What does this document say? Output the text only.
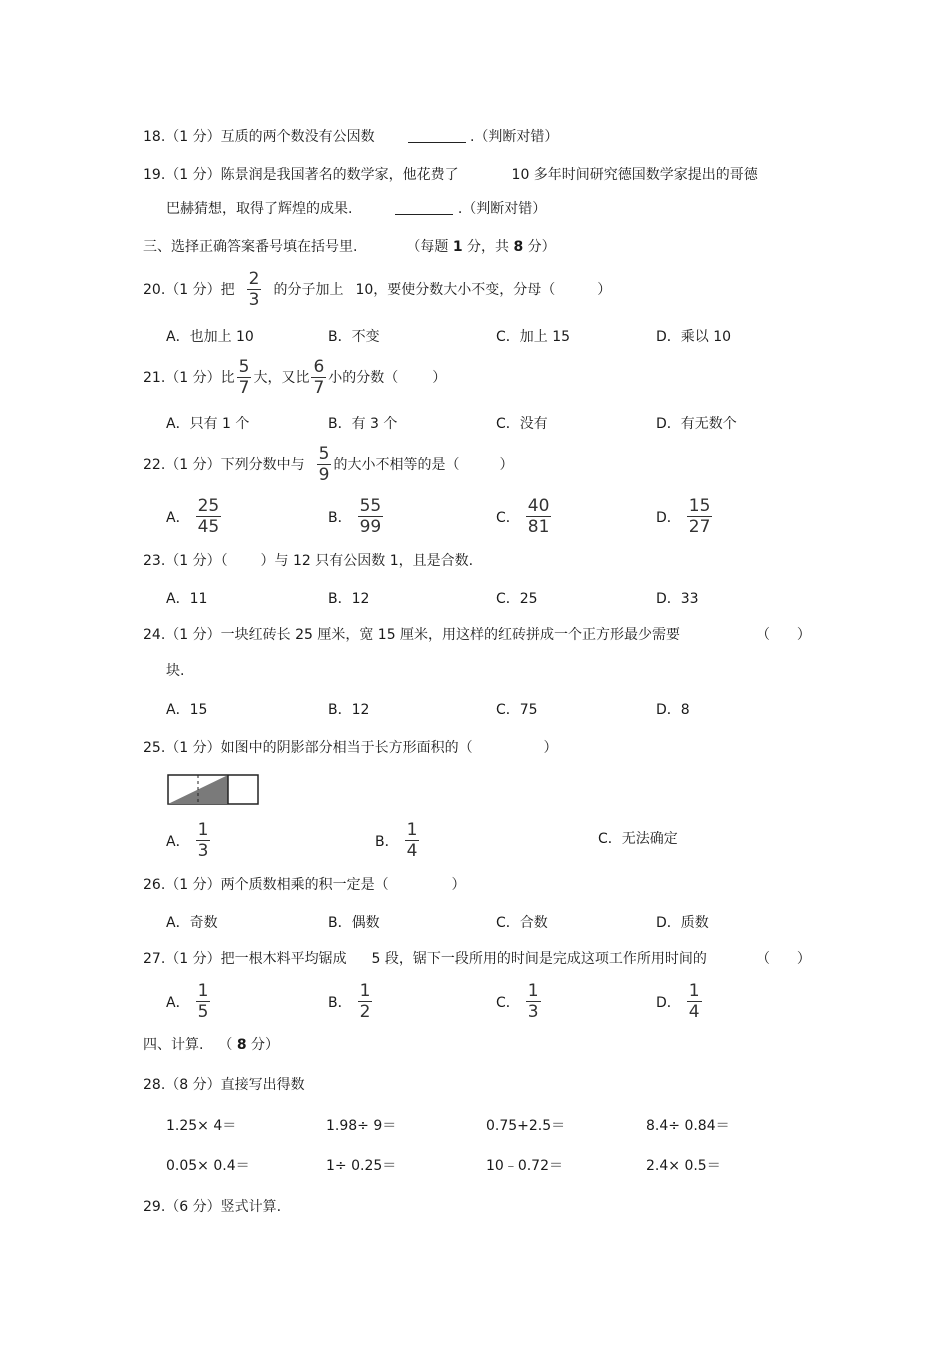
18.（1 分）互质的两个数没有公因数	.（判断对错）
19.（1 分）陈景润是我国著名的数学家，他花费了	10 多年时间研究德国数学家提出的哥德
巴赫猜想，取得了辉煌的成果.	.（判断对错）
三、选择正确答案番号填在括号里.	（每题 1 分，共 8 分）
20.（1 分）把 $\frac{2}{3}$ 的分子加上 10，要使分数大小不变，分母（	）
A．也加上 10	B．不变	C．加上 15	D．乘以 10
21.（1 分）比 $\frac{5}{7}$ 大，又比 $\frac{6}{7}$ 小的分数（ ）
A．只有 1 个	B．有 3 个	C．没有	D．有无数个
22.（1 分）下列分数中与 $\frac{5}{9}$ 的大小不相等的是（	）
A． $\frac{25}{45}$	B． $\frac{55}{99}$	C． $\frac{40}{81}$	D． $\frac{15}{27}$
23.（1 分）（ ）与 12 只有公因数 1，且是合数.
A．11	B．12	C．25	D．33
24.（1 分）一块红砖长 25 厘米，宽 15 厘米，用这样的红砖拼成一个正方形最少需要	（ ）
块.
A．15	B．12	C．75	D．8
25.（1 分）如图中的阴影部分相当于长方形面积的（	）
A． $\frac{1}{3}$	B． $\frac{1}{4}$	C．无法确定
26.（1 分）两个质数相乘的积一定是（	）
A．奇数	B．偶数	C．合数	D．质数
27.（1 分）把一根木料平均锯成 5 段，锯下一段所用的时间是完成这项工作所用时间的	（ ）
A． $\frac{1}{5}$	B． $\frac{1}{2}$	C． $\frac{1}{3}$	D． $\frac{1}{4}$
四、计算. （ 8 分）
28.（8 分）直接写出得数
1.25× 4＝	1.98÷ 9＝	0.75+2.5＝	8.4÷ 0.84＝
0.05× 0.4＝	1÷ 0.25＝	10﹣0.72＝	2.4× 0.5＝
29.（6 分）竖式计算.
